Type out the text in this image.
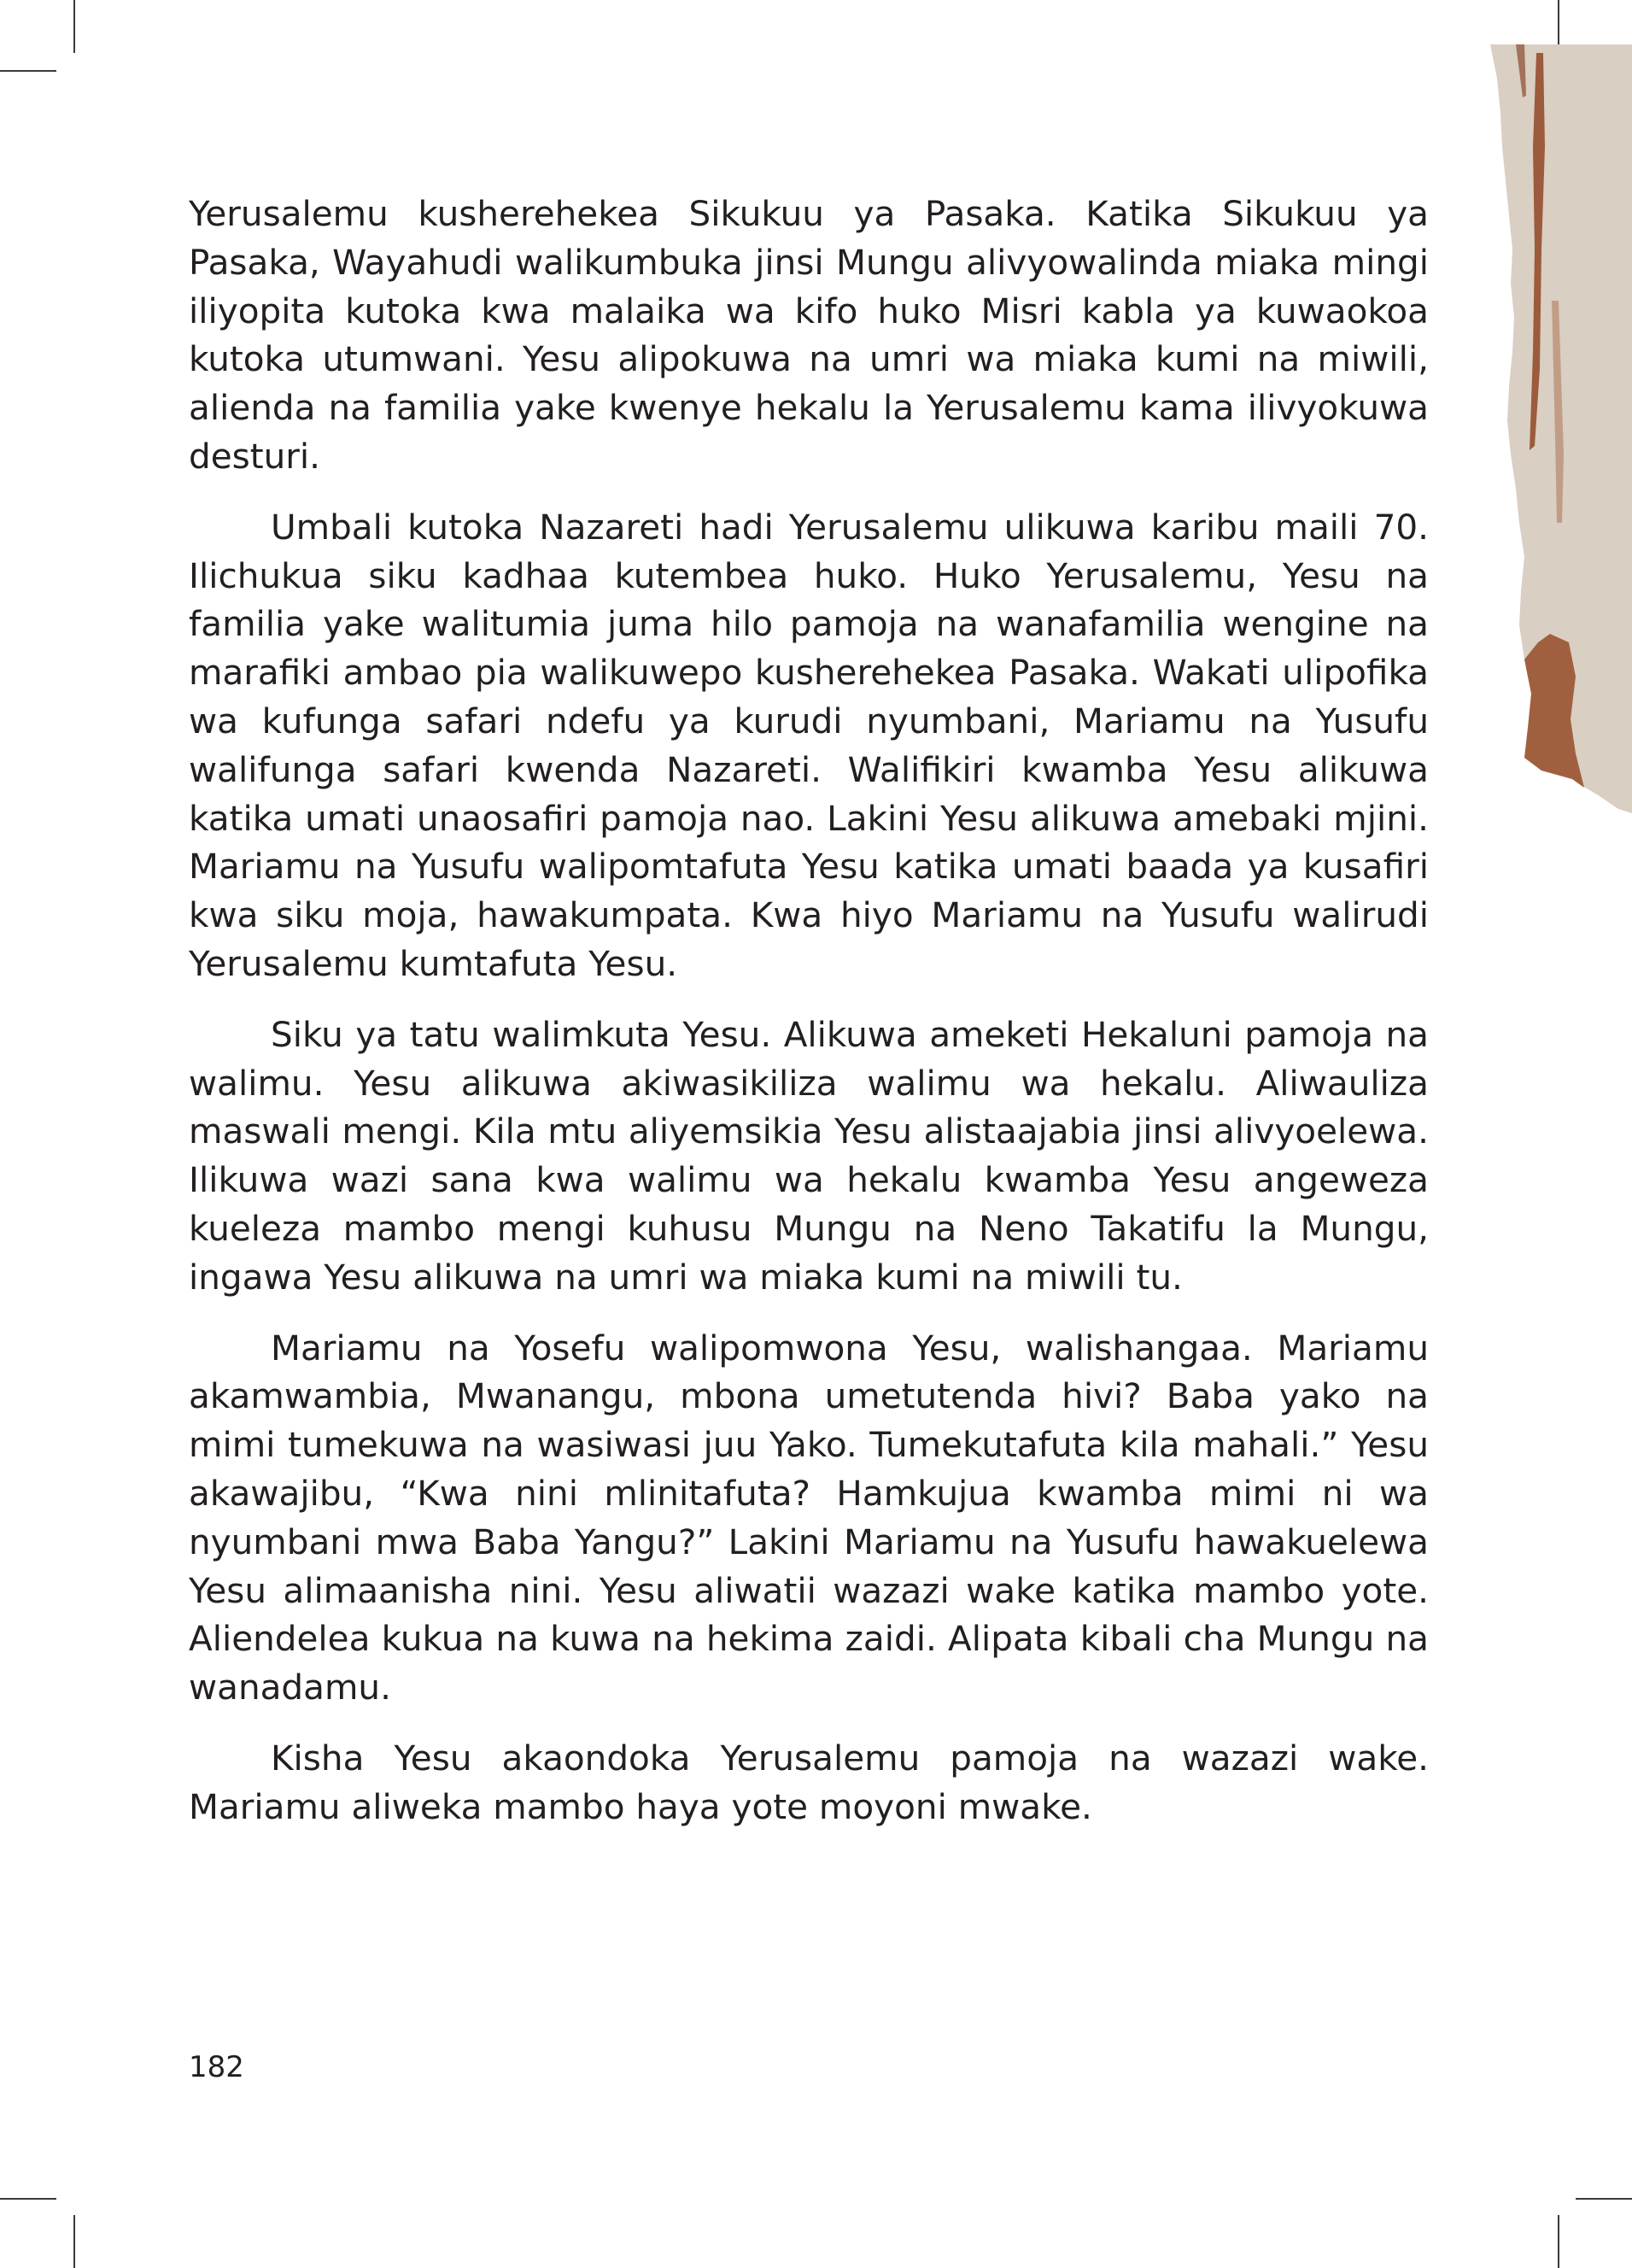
Yerusalemu kusherehekea Sikukuu ya Pasaka. Katika Sikukuu ya Pasaka, Wayahudi walikumbuka jinsi Mungu alivyowalinda miaka mingi iliyopita kutoka kwa malaika wa kifo huko Misri kabla ya kuwaokoa kutoka utumwani. Yesu alipokuwa na umri wa miaka kumi na miwili, alienda na familia yake kwenye hekalu la Yerusalemu kama ilivyokuwa desturi.

Umbali kutoka Nazareti hadi Yerusalemu ulikuwa karibu maili 70. Ilichukua siku kadhaa kutembea huko. Huko Yerusalemu, Yesu na familia yake walitumia juma hilo pamoja na wanafamilia wengine na marafiki ambao pia walikuwepo kusherehekea Pasaka. Wakati ulipofika wa kufunga safari ndefu ya kurudi nyumbani, Mariamu na Yusufu walifunga safari kwenda Nazareti. Walifikiri kwamba Yesu alikuwa katika umati unaosafiri pamoja nao. Lakini Yesu alikuwa amebaki mjini. Mariamu na Yusufu walipomtafuta Yesu katika umati baada ya kusafiri kwa siku moja, hawakumpata. Kwa hiyo Mariamu na Yusufu walirudi Yerusalemu kumtafuta Yesu.

Siku ya tatu walimkuta Yesu. Alikuwa ameketi Hekaluni pamoja na walimu. Yesu alikuwa akiwasikiliza walimu wa hekalu. Aliwauliza maswali mengi. Kila mtu aliyemsikia Yesu alistaajabia jinsi alivyoelewa. Ilikuwa wazi sana kwa walimu wa hekalu kwamba Yesu angeweza kueleza mambo mengi kuhusu Mungu na Neno Takatifu la Mungu, ingawa Yesu alikuwa na umri wa miaka kumi na miwili tu.

Mariamu na Yosefu walipomwona Yesu, walishangaa. Mariamu akamwambia, Mwanangu, mbona umetutenda hivi? Baba yako na mimi tumekuwa na wasiwasi juu Yako. Tumekutafuta kila mahali.” Yesu akawajibu, “Kwa nini mlinitafuta? Hamkujua kwamba mimi ni wa nyumbani mwa Baba Yangu?” Lakini Mariamu na Yusufu hawakuelewa Yesu alimaanisha nini. Yesu aliwatii wazazi wake katika mambo yote. Aliendelea kukua na kuwa na hekima zaidi. Alipata kibali cha Mungu na wanadamu.

Kisha Yesu akaondoka Yerusalemu pamoja na wazazi wake. Mariamu aliweka mambo haya yote moyoni mwake.

182
